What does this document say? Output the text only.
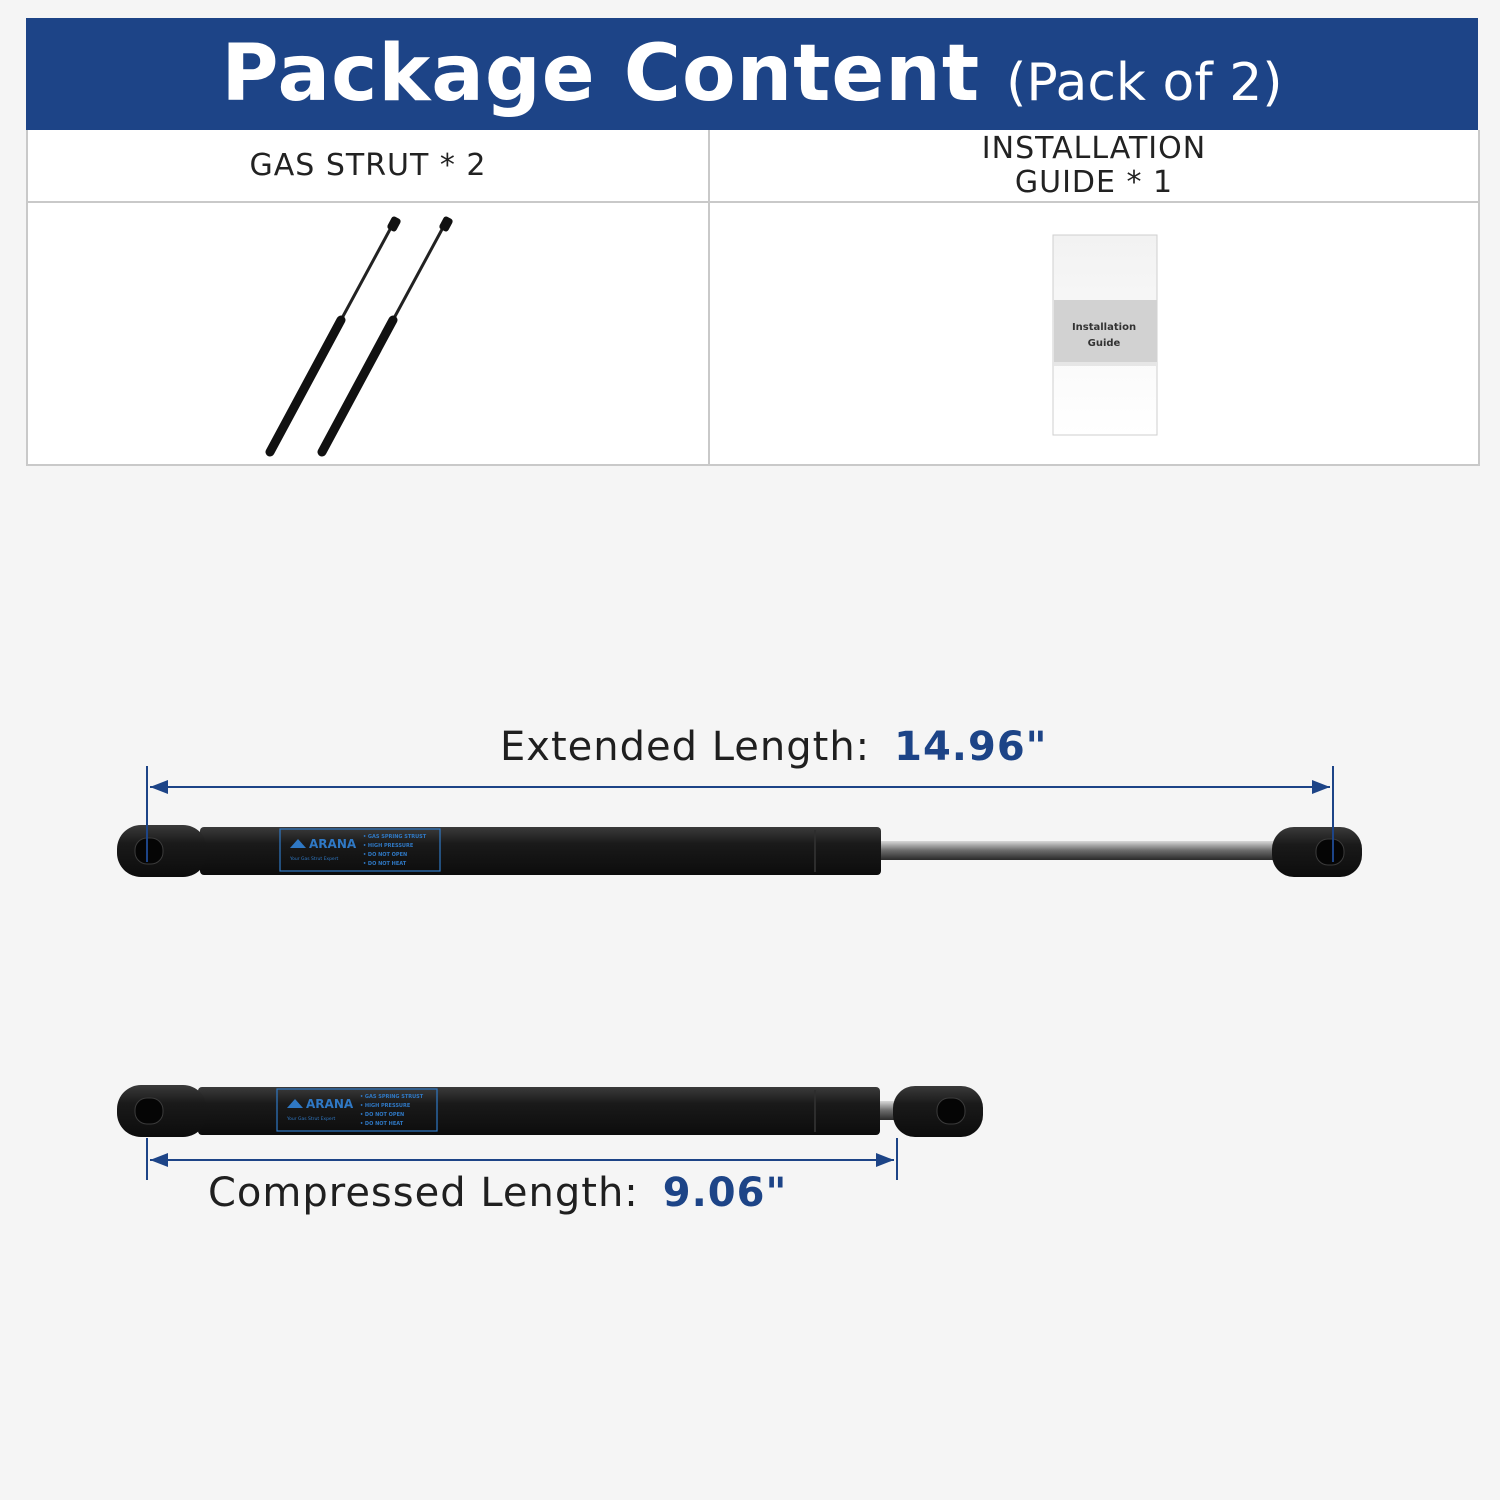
Package Content (Pack of 2)
GAS STRUT * 2	INSTALLATION GUIDE * 1
ARANA
Your Gas Strut Expert
• GAS SPRING STRUST
• HIGH PRESSURE
• DO NOT OPEN
• DO NOT HEAT
ARANA
Your Gas Strut Expert
• GAS SPRING STRUST
• HIGH PRESSURE
• DO NOT OPEN
• DO NOT HEAT
Installation
Guide
Extended Length: 14.96"
Compressed Length: 9.06"
